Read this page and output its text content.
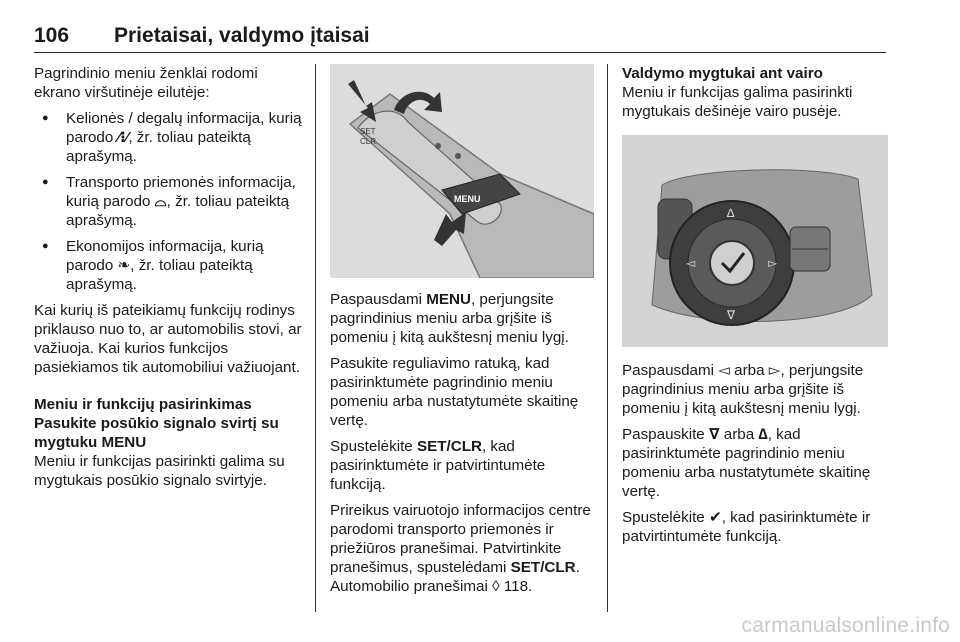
106 Prietaisai, valdymo įtaisai

Pagrindinio meniu ženklai rodomi ekrano viršutinėje eilutėje:

● Kelionės / degalų informacija, kurią parodo ⁄⁝⁄, žr. toliau pateiktą aprašymą.
● Transporto priemonės informacija, kurią parodo ⌓, žr. toliau pateiktą aprašymą.
● Ekonomijos informacija, kurią parodo ❧, žr. toliau pateiktą aprašymą.

Kai kurių iš pateikiamų funkcijų rodinys priklauso nuo to, ar automobilis stovi, ar važiuoja. Kai kurios funkcijos pasiekiamos tik automobiliui važiuojant.

Meniu ir funkcijų pasirinkimas

Pasukite posūkio signalo svirtį su mygtuku MENU

Meniu ir funkcijas pasirinkti galima su mygtukais posūkio signalo svirtyje.

MENU
SET
CLR

Paspausdami MENU, perjungsite pagrindinius meniu arba grįšite iš pomeniu į kitą aukštesnį meniu lygį.

Pasukite reguliavimo ratuką, kad pasirinktumėte pagrindinio meniu pomeniu arba nustatytumėte skaitinę vertę.

Spustelėkite SET/CLR, kad pasirinktumėte ir patvirtintumėte funkciją.

Prireikus vairuotojo informacijos centre parodomi transporto priemonės ir priežiūros pranešimai. Patvirtinkite pranešimus, spustelėdami SET/CLR. Automobilio pranešimai ◊ 118.

Valdymo mygtukai ant vairo

Meniu ir funkcijas galima pasirinkti mygtukais dešinėje vairo pusėje.

∆
∇
◅	▻

Paspausdami ◅ arba ▻, perjungsite pagrindinius meniu arba grįšite iš pomeniu į kitą aukštesnį meniu lygį.

Paspauskite ∇ arba ∆, kad pasirinktumėte pagrindinio meniu pomeniu arba nustatytumėte skaitinę vertę.

Spustelėkite ✔, kad pasirinktumėte ir patvirtintumėte funkciją.

carmanualsonline.info
